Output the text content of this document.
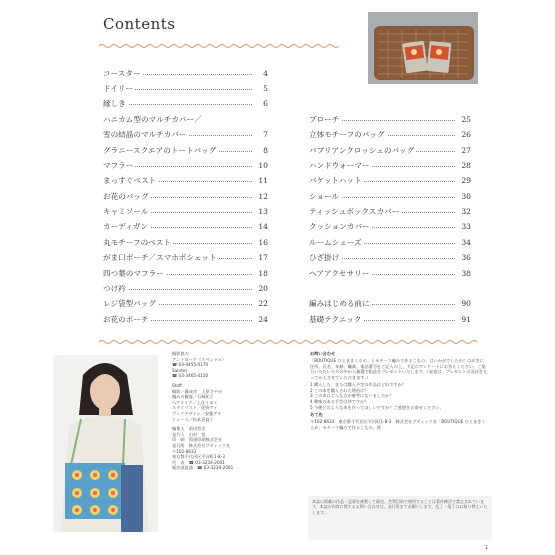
Contents
コースター	4
ドイリー	5
縁しき	6
ハニカム型のマルチカバー／
雪の結晶のマルチカバー	7
グラニースクエアのトートバッグ	8
マフラー	10
まっすぐベスト	11
お花のバッグ	12
キャミソール	13
カーディガン	14
丸モチーフのベスト	16
がま口ポーチ／スマホポシェット	17
四つ葉のマフラー	18
つけ衿	20
レジ袋型バッグ	22
お花のポーチ	24
ブローチ	25
立体モチーフのバッグ	26
バブリアンクロッシェのバッグ	27
ハンドウォーマー	28
バケットハット	29
ショール	30
ティッシュボックスカバー	32
クッションカバー	33
ルームシューズ	34
ひざ掛け	36
ヘアアクセサリー	38
編みはじめる前に	90
基礎テクニック	91
撮影協力
アントヨーク（スペシャル）
☎ 03-4455-0170
Saintes
☎ 03-3465-4150
Staff
撮影／藤成彦　上原さやか
編み方解説／石崎紀子
ヘアメイク／上花イヨミ
スタイリスト／佐野アイ
ブックデザイン／安藤アキ
トレース／松本恵倫子
編集人　前田哲也
発行人　山村　悟
印　刷　図書印刷株式会社
発行所　株式会社ブティック社
〒102-8633
東京都千代田区平河町1-8-3
代　表　☎ 03-3234-2001
販売部直通　☎ 03-3234-2081

お問い合わせ

「BOUTIQUE ひとまきくるめ」とモチーフ編みで作るこもの」はいかがでしたか？はがきに住所、氏名、年齢、職業、電話番号をご記入の上、下記のアンケートにお答えください。ご協力いただいた方の中から抽選で粗品をプレゼントいたします。（発表は、プレゼントの発送をもってかえさせていただきます。）

1 購入した、または購入予定の作品はどれですか？

2 この本を購入された理由は？

3 この本はどんな点が参考になりましたか？

4 興味のある手芸は何ですか？

5 今後どのような本を作ってほしいですか？ご感想をお寄せください。

あて先

〒102-8633　東京都千代田区平河町1-8-3　株式会社ブティック社「BOUTIQUE ひとまきくるめ」モチーフ編みで作るこもの」係

本誌に掲載の作品・記事を複製して販売、営利目的で使用することは著作権法で禁止されています。本誌の内容に関するお問い合わせは、発行所までお願いします。乱丁・落丁はお取り替えいたします。
1
